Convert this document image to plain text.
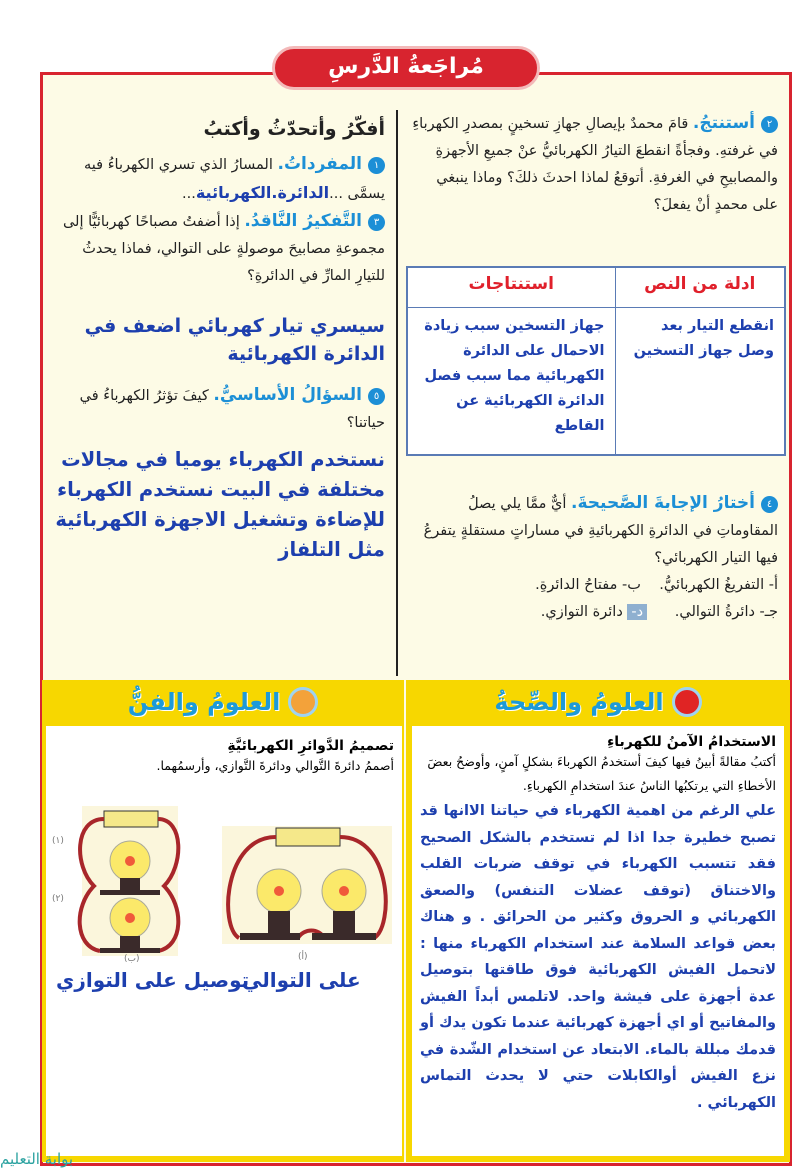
مُراجَعةُ الدَّرسِ
٢أستنتجُ. قامَ محمدٌ بإيصالِ جهازِ تسخينٍ بمصدرِ الكهرباءِ في غرفتهِ. وفجأةً انقطعَ التيارُ الكهربائيُّ عنْ جميعِ الأجهزةِ والمصابيحِ في الغرفةِ. أتوقعُ لماذا احدثَ ذلكَ؟ وماذا ينبغي على محمدٍ أنْ يفعلَ؟
ادلة من النص	استنتاجات
انقطع التيار بعد وصل جهاز التسخين	جهاز التسخين سبب زيادة الاحمال على الدائرة الكهربائية مما سبب فصل الدائرة الكهربائية عن القاطع
٤أختارُ الإجابةَ الصَّحيحةَ. أيٌّ ممَّا يلي يصلُ المقاوماتِ في الدائرةِ الكهربائيةِ في مساراتٍ مستقلةٍ يتفرعُ فيها التيار الكهربائي؟
أ- التفريغُ الكهربائيُّ.    ب- مفتاحُ الدائرةِ.
جـ- دائرةُ التوالي.      د- دائرة التوازي.
أفكّرُ وأتحدّثُ وأكتبُ
١المفرداتُ. المسارُ الذي تسري الكهرباءُ فيه يسمَّى ...الدائرة.الكهربائية...
٣التَّفكيرُ النَّاقدُ. إذا أضفتُ مصباحًا كهربائيًّا إلى مجموعةِ مصابيحَ موصولةٍ على التوالي، فماذا يحدثُ للتيارِ المارِّ في الدائرةِ؟
سيسري تيار كهربائي اضعف في الدائرة الكهربائية
٥السؤالُ الأساسيُّ. كيفَ تؤثرُ الكهرباءُ في حياتنا؟
نستخدم الكهرباء يوميا في مجالات مختلفة في البيت نستخدم الكهرباء للإضاءة وتشغيل الاجهزة الكهربائية مثل التلفاز
العلومُ والصِّحةُ
الاستخدامُ الآمنُ للكهرباءِ
أكتبُ مقالةً أبينُ فيها كيفَ أستخدمُ الكهرباءَ بشكلٍ آمنٍ، وأوضحُ بعضَ الأخطاءِ التي يرتكبُها الناسُ عندَ استخدامِ الكهرباءِ.
علي الرغم من اهمية الكهرباء في حياتنا الاانها قد تصبح خطيرة جدا اذا لم تستخدم بالشكل الصحيح فقد تتسبب الكهرباء في توقف ضربات القلب والاختناق (توقف عضلات التنفس) والصعق الكهربائي و الحروق وكثير من الحرائق . و هناك بعض قواعد السلامة عند استخدام الكهرباء منها : لاتحمل الفيش الكهربائية فوق طاقتها بتوصيل عدة أجهزة على فيشة واحد. لاتلمس أبداً الفيش والمفاتيح أو اي أجهزة كهربائية عندما تكون يدك أو قدمك مبللة بالماء. الابتعاد عن استخدام الشّدة في نزع الفيش أوالكابلات حتي لا يحدث التماس الكهربائي .
العلومُ والفنُّ
تصميمُ الدَّوائرِ الكهربائيَّةِ
أصممُ دائرةَ التَّوالي ودائرةَ التَّوازي، وأرسمُهما.
(١)
(٢)
(ب)	(أ)
على التوالي
توصيل على التوازي
بوابة التعليم
